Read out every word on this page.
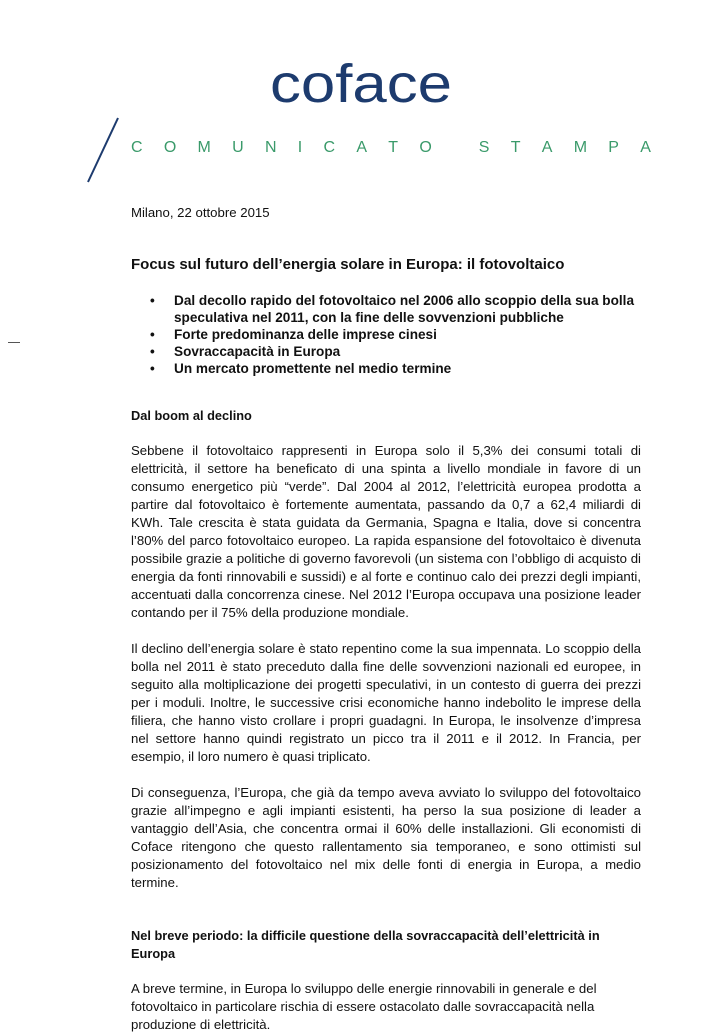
coface
C O M U N I C A T O
	S T A M P A

Milano, 22 ottobre 2015

Focus sul futuro dell’energia solare in Europa: il fotovoltaico
• Dal decollo rapido del fotovoltaico nel 2006 allo scoppio della sua bolla speculativa nel 2011, con la fine delle sovvenzioni pubbliche
• Forte predominanza delle imprese cinesi
• Sovraccapacità in Europa
• Un mercato promettente nel medio termine
Dal boom al declino

Sebbene il fotovoltaico rappresenti in Europa solo il 5,3% dei consumi totali di elettricità, il settore ha beneficato di una spinta a livello mondiale in favore di un consumo energetico più “verde”. Dal 2004 al 2012, l’elettricità europea prodotta a partire dal fotovoltaico è fortemente aumentata, passando da 0,7 a 62,4 miliardi di KWh. Tale crescita è stata guidata da Germania, Spagna e Italia, dove si concentra l’80% del parco fotovoltaico europeo. La rapida espansione del fotovoltaico è divenuta possibile grazie a politiche di governo favorevoli (un sistema con l’obbligo di acquisto di energia da fonti rinnovabili e sussidi) e al forte e continuo calo dei prezzi degli impianti, accentuati dalla concorrenza cinese. Nel 2012 l’Europa occupava una posizione leader contando per il 75% della produzione mondiale.

Il declino dell’energia solare è stato repentino come la sua impennata. Lo scoppio della bolla nel 2011 è stato preceduto dalla fine delle sovvenzioni nazionali ed europee, in seguito alla moltiplicazione dei progetti speculativi, in un contesto di guerra dei prezzi per i moduli. Inoltre, le successive crisi economiche hanno indebolito le imprese della filiera, che hanno visto crollare i propri guadagni. In Europa, le insolvenze d’impresa nel settore hanno quindi registrato un picco tra il 2011 e il 2012. In Francia, per esempio, il loro numero è quasi triplicato.

Di conseguenza, l’Europa, che già da tempo aveva avviato lo sviluppo del fotovoltaico grazie all’impegno e agli impianti esistenti, ha perso la sua posizione di leader a vantaggio dell’Asia, che concentra ormai il 60% delle installazioni. Gli economisti di Coface ritengono che questo rallentamento sia temporaneo, e sono ottimisti sul posizionamento del fotovoltaico nel mix delle fonti di energia in Europa, a medio termine.

Nel breve periodo: la difficile questione della sovraccapacità dell’elettricità in Europa

A breve termine, in Europa lo sviluppo delle energie rinnovabili in generale e del fotovoltaico in particolare rischia di essere ostacolato dalle sovraccapacità nella produzione di elettricità.
